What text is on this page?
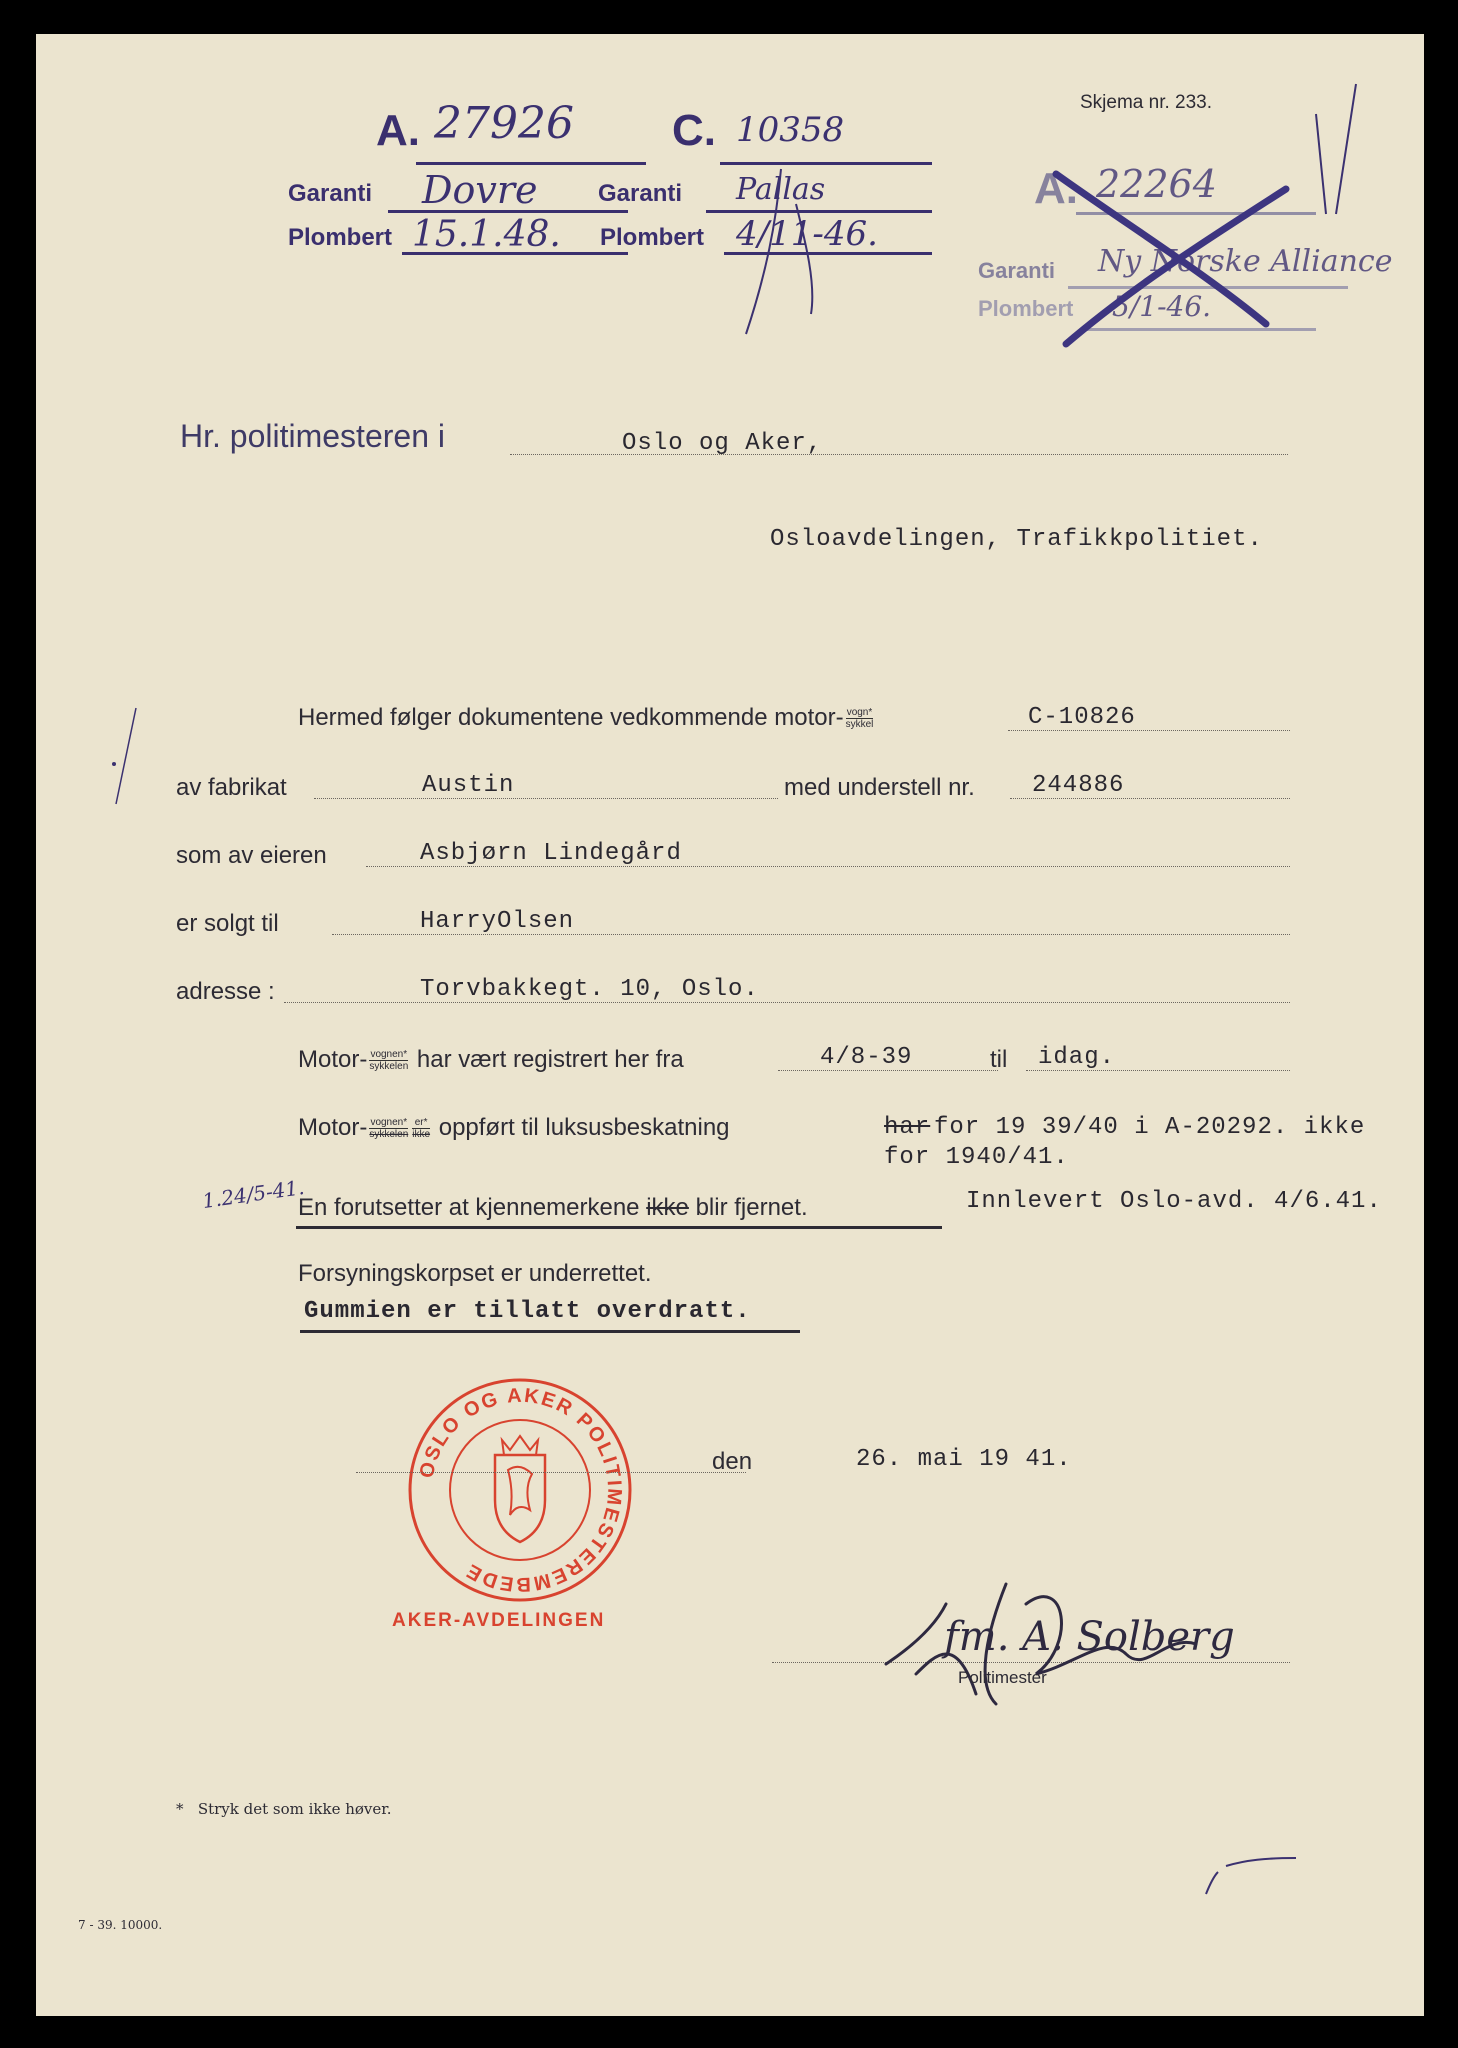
Skjema nr. 233.
A. 27926 C. 10358
Garanti Dovre	Garanti Pallas
Plombert 15.1.48. Plombert 4/11-46.
A. 22264
Garanti Ny Norske Alliance
Plombert 5/1-46.
Hr. politimesteren i	Oslo og Aker,
Osloavdelingen, Trafikkpolitiet.
Hermed følger dokumentene vedkommende motor- $\frac{\text{vogn*}}{\text{sykkel}}$	C-10826
av fabrikat	Austin	med understell nr. 244886
som av eieren	Asbjørn Lindegård
er solgt til	HarryOlsen
adresse :	Torvbakkegt. 10, Oslo.
Motor- $\frac{\text{vognen*}}{\text{sykkelen}}$ har vært registrert her fra	4/8-39	til idag.
Motor- $\frac{\text{vognen*}}{\text{sykkelen}} \frac{er*}{\text{ikke}}$ oppført til luksusbeskatning	har for 19 39/40 i A-20292. ikke
for 1940/41.
1.24/5-41.
En forutsetter at kjennemerkene ikke blir fjernet.	Innlevert Oslo-avd. 4/6.41.
Forsyningskorpset er underrettet.
Gummien er tillatt overdratt.
OSLO OG AKER POLITIMESTEREMBEDE
AKER-AVDELINGEN
den	26. mai 19 41.
fm. A. Solberg
Politimester
*   Stryk det som ikke høver.
7 - 39. 10000.
